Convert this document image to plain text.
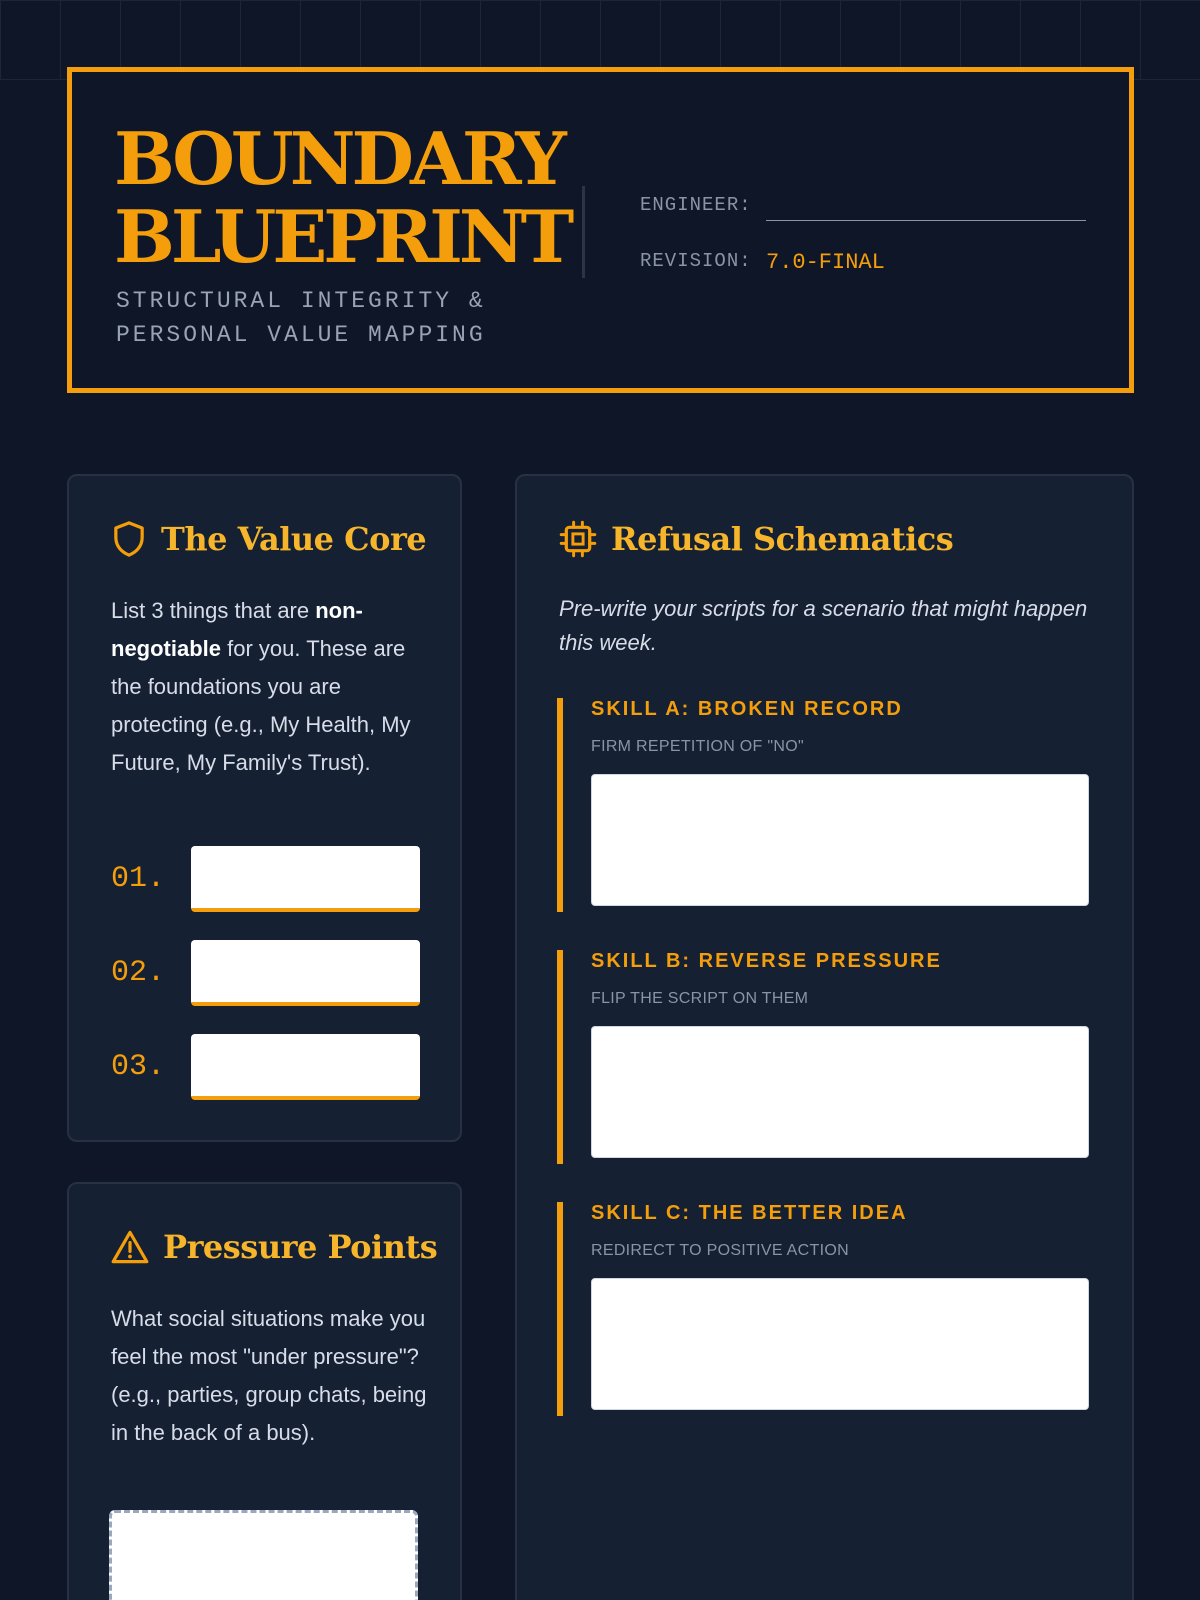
BOUNDARY
BLUEPRINT
STRUCTURAL INTEGRITY &
PERSONAL VALUE MAPPING
ENGINEER:
REVISION: 7.0-FINAL
The Value Core
List 3 things that are non-negotiable for you. These are the foundations you are protecting (e.g., My Health, My Future, My Family's Trust).
01.
02.
03.
Pressure Points
What social situations make you feel the most "under pressure"? (e.g., parties, group chats, being in the back of a bus).
Refusal Schematics
Pre-write your scripts for a scenario that might happen this week.
SKILL A: BROKEN RECORD
FIRM REPETITION OF "NO"
SKILL B: REVERSE PRESSURE
FLIP THE SCRIPT ON THEM
SKILL C: THE BETTER IDEA
REDIRECT TO POSITIVE ACTION
